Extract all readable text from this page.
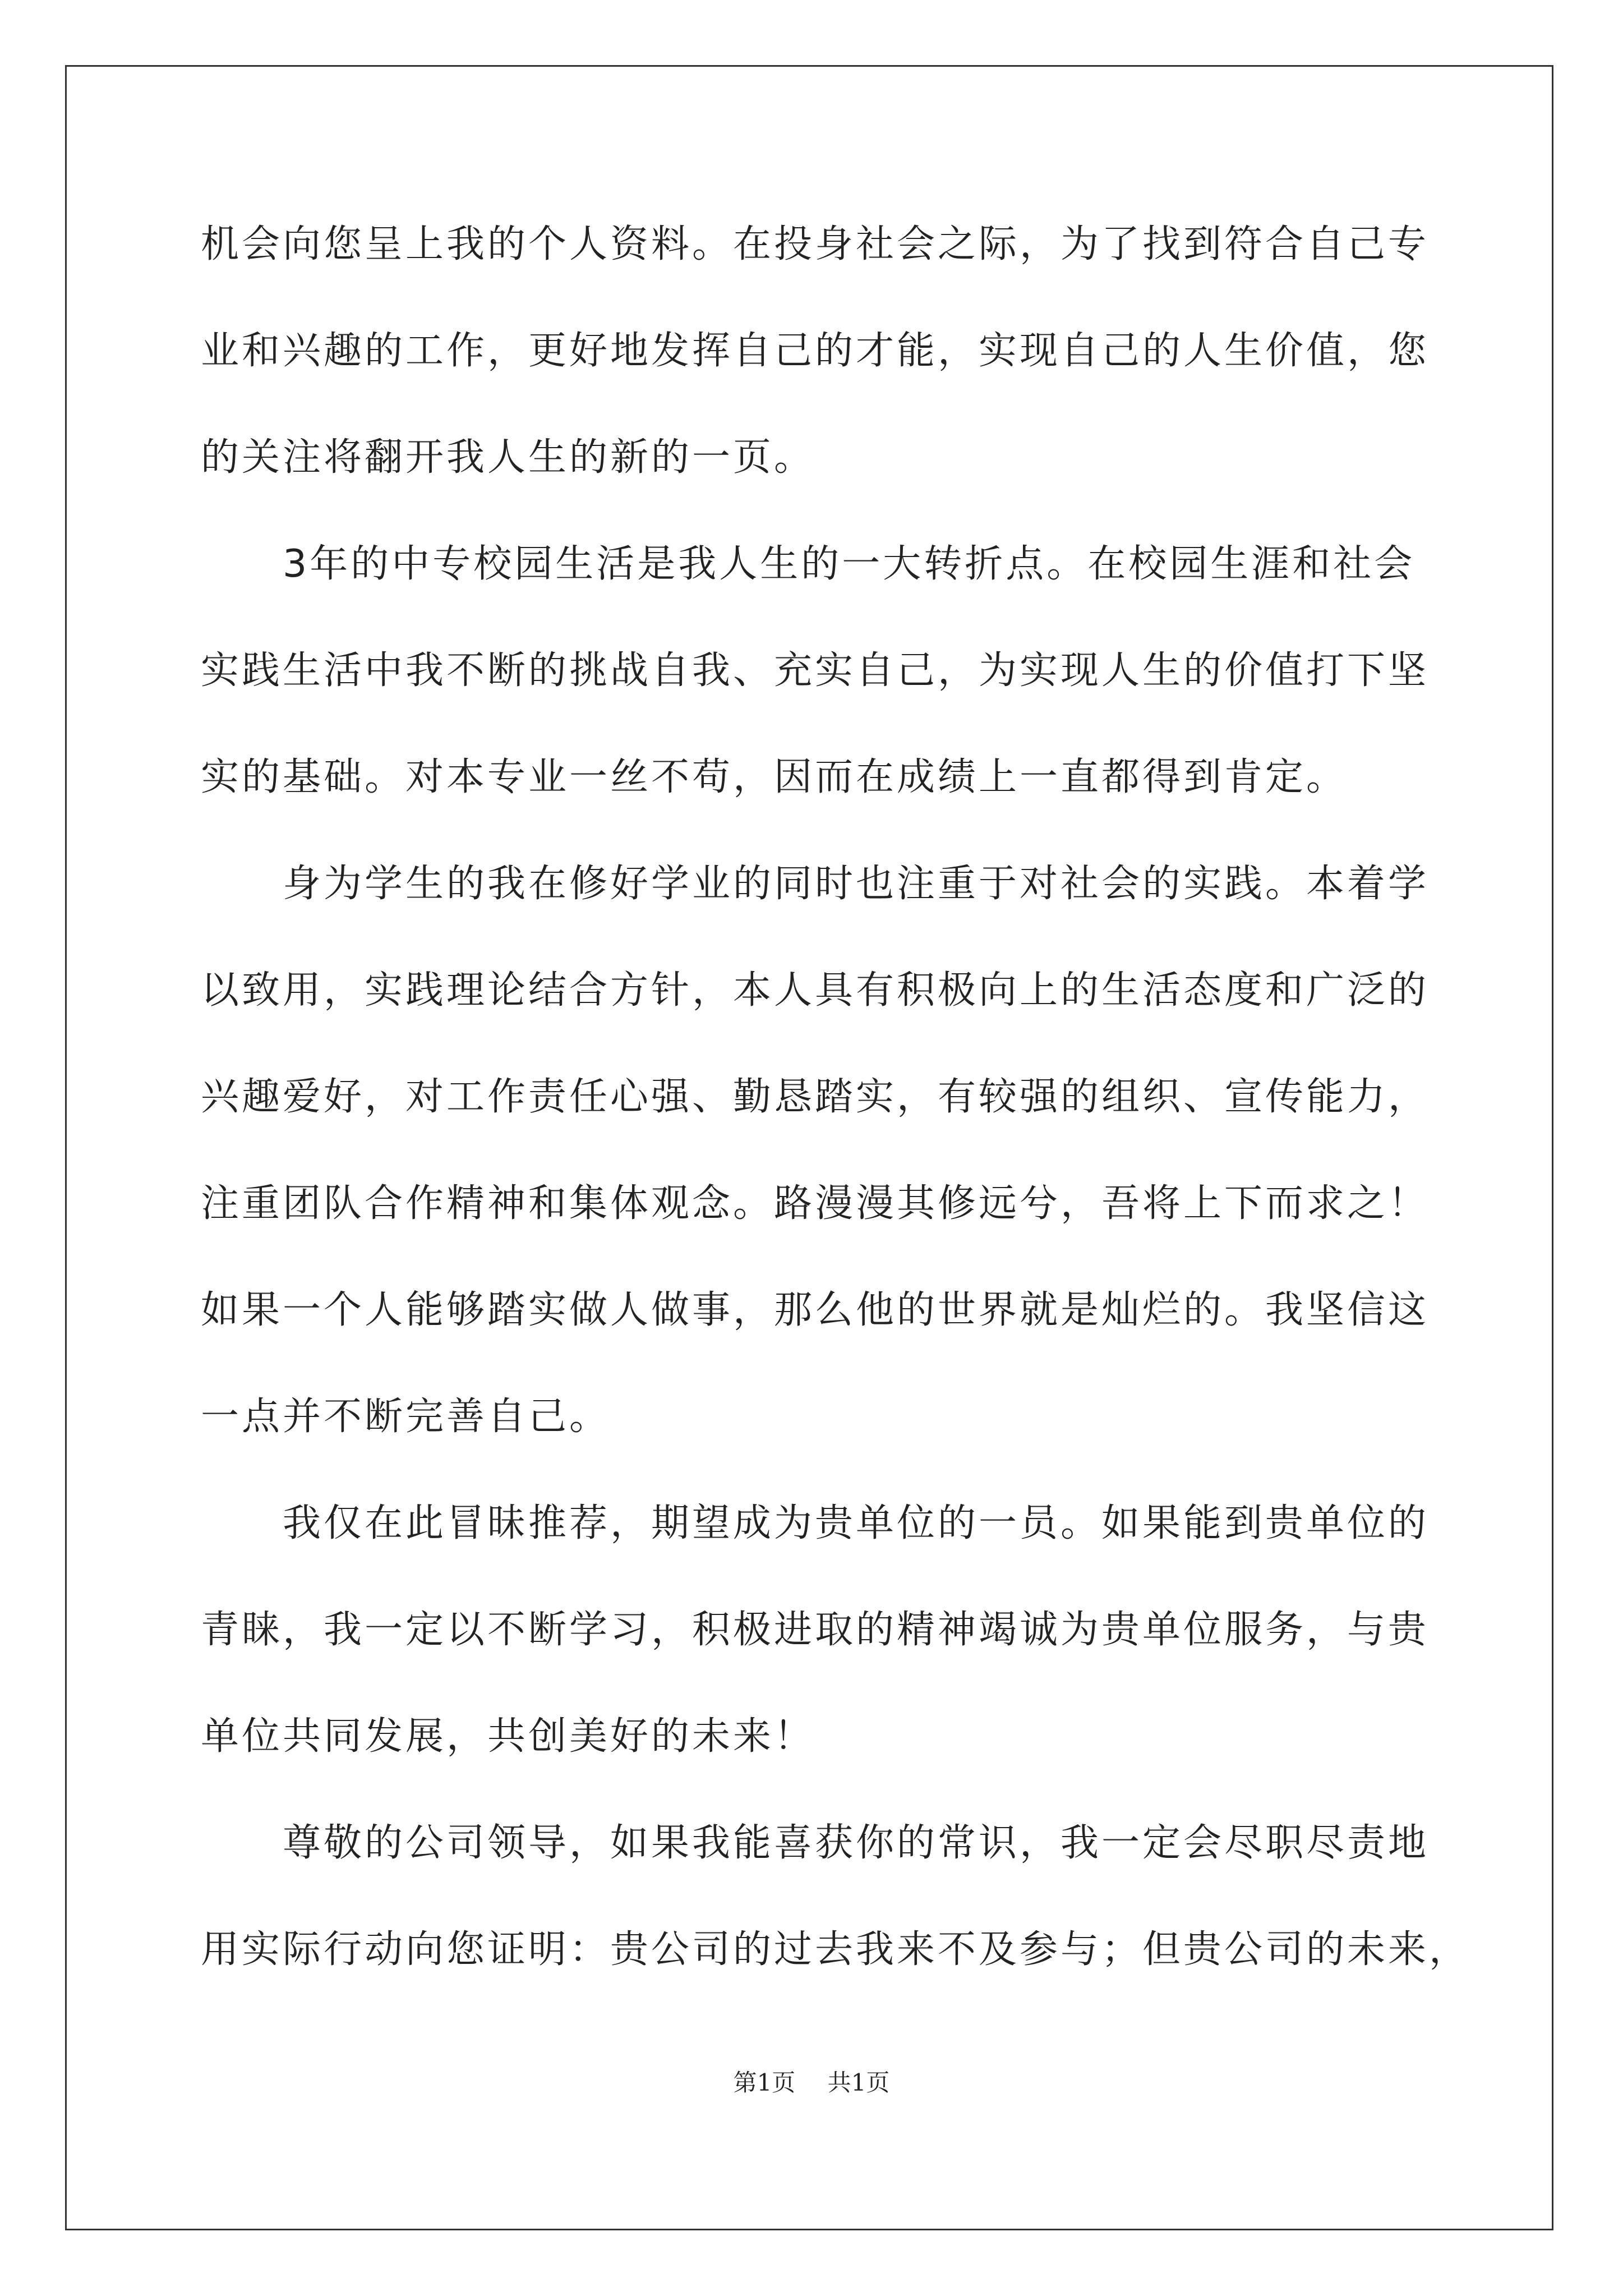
机会向您呈上我的个人资料。在投身社会之际，为了找到符合自己专
业和兴趣的工作，更好地发挥自己的才能，实现自己的人生价值，您
的关注将翻开我人生的新的一页。
　　3年的中专校园生活是我人生的一大转折点。在校园生涯和社会
实践生活中我不断的挑战自我、充实自己，为实现人生的价值打下坚
实的基础。对本专业一丝不苟，因而在成绩上一直都得到肯定。
　　身为学生的我在修好学业的同时也注重于对社会的实践。本着学
以致用，实践理论结合方针，本人具有积极向上的生活态度和广泛的
兴趣爱好，对工作责任心强、勤恳踏实，有较强的组织、宣传能力，
注重团队合作精神和集体观念。路漫漫其修远兮，吾将上下而求之！
如果一个人能够踏实做人做事，那么他的世界就是灿烂的。我坚信这
一点并不断完善自己。
　　我仅在此冒昧推荐，期望成为贵单位的一员。如果能到贵单位的
青睐，我一定以不断学习，积极进取的精神竭诚为贵单位服务，与贵
单位共同发展，共创美好的未来！
　　尊敬的公司领导，如果我能喜获你的常识，我一定会尽职尽责地
用实际行动向您证明：贵公司的过去我来不及参与；但贵公司的未来，
第1页 共1页
